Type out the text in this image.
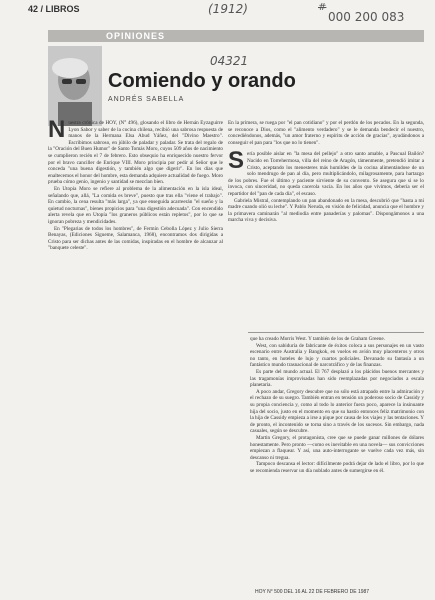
42 / LIBROS	(1912)	#
000 200 083
04321
OPINIONES
Comiendo y orando
ANDRÉS SABELLA

Nuestra crónica de HOY, (N° 496), glosando el libro de Hernán Eyzaguirre Lyon Sabor y saber de la cocina chilena, recibió una sabrosa respuesta de manos de la Hermana Elsa Abud Yáñez, del "Divino Maestro". Escribimos sabroso, en júbilo de paladar y paladar. Se trata del regalo de la "Oración del Buen Humor" de Santo Tomás Moro, cuyos 509 años de nacimiento se cumplieron recién el 7 de febrero. Esto obsequio ha enriquecido nuestro fervor por el bravo canciller de Enrique VIII. Moro principia por pedir al Señor que le conceda "una buena digestión, y también algo que digerir". En los días que enaltecemos el honor del hombre, esta demanda adquiere actualidad de fuego. Moro prueba cómo genio, ingenio y santidad se mezclan bien.

En Utopía Moro se refiere al problema de la alimentación en la isla ideal, señalando que, allá, "La comida es breve", puesto que tras ella "viene el trabajo". En cambio, la cena resulta "más larga", ya que enseguida acarreerán "el sueño y la quietud nocturnas", bienes propicios para "una digestión adecuada". Con encendido alerta revela que en Utopía "los graneros públicos están repletos", por lo que se ignoran pobreza y mendicidades.

En "Plegarias de todos los hombres", de Fermín Cebolla López y Julio Sierra Benayas, (Ediciones Sigueme, Salamanca, 1968), encontramos dos dirigidas a Cristo para ser dichas antes de las comidas, inspiradas en el hombre de alcanzar al "banquete celeste".

En la primera, se ruega por "el pan cotidiano" y por el perdón de los pecados. En la segunda, se reconoce a Dios, como el "alimento verdadero" y se le demanda bendecir el nuestro, concediéndonos, además, "un amor fraterno y espíritu de acción de gracias", ayudándonos a conseguir el pan para "los que no lo tienen".

Sería posible aislar en "la mesa del pellejo" a otro santo amable, a Pascual Bailón? Nacido en Torrehermosa, villa del reino de Aragón, támenmente, pretendió imitar a Cristo, aceptando los menesteres más humildes de la cocina alimentándose de un solo mendrugo de pan al día, pero multiplicándolo, milagrosamente, para hartazgo de los pobres. Fue el último y paciente sirviente de su convento. Se asegura que si se lo invoca, con sinceridad, no queda cacerola vacía. En los años que vivimos, debería ser el repartidor del "pan de cada día", el escaso.

Gabriela Mistral, contemplando un pan abandonado en la mesa, descubrió que "hasta a mí madre cuando olió su leche". Y Pablo Neruda, en visión de felicidad, anuncia que el hombre y la primavera caminarán "al mediodía entre panaderías y palomas". Dispongámonos a una marcha viva y decisiva.

que ha creado Morris West. Y también de los de Graham Greene.

West, con sabiduría de fabricante de éxitos coloca a sus personajes en un vasto escenario entre Australia y Bangkok, en vuelos en avión muy placenteros y otros no tanto, en hoteles de lujo y cuartos policiales. Devanado su fantasía a un fantástico mundo trasnacional de narcotráfico y de las finanzas.

Es parte del mundo actual. El 767 desplazó a los plácidos buenos mercantes y las tragamonías improvisadas han sido reemplazadas por negociados a escala planetaria.

A poco andar, Gregory descubre que no sólo está atrapado entre la admiración y el rechazo de su suegro. También entran en tensión un poderoso socio de Cassidy y su propia conciencia y, como al todo lo anterior fuera poco, aparece la insinuante hija del socio, justo en el momento en que su hastío entonces feliz matrimonio con la hija de Cassidy empieza a irse a pique por causa de los viajes y las tentaciones. Y de pronto, el incontenido se torna sino a través de los sucesos. Sin embargo, nada casuales, según se descubre.

Martin Gregory, el protagonista, cree que se puede ganar millones de dólares honestamente. Pero pronto —como es inevitable en una novela— sus convicciones empiezan a flaquear. Y así, una auto-interrogante se vuelve cada vez más, sin descanso ni tregua.

Tampoco descansa el lector: difícilmente podrá dejar de lado el libro, por lo que se recomienda reservar un día nublado antes de sumergirse en él.

HOY N° 500 DEL 16 AL 22 DE FEBRERO DE 1987
